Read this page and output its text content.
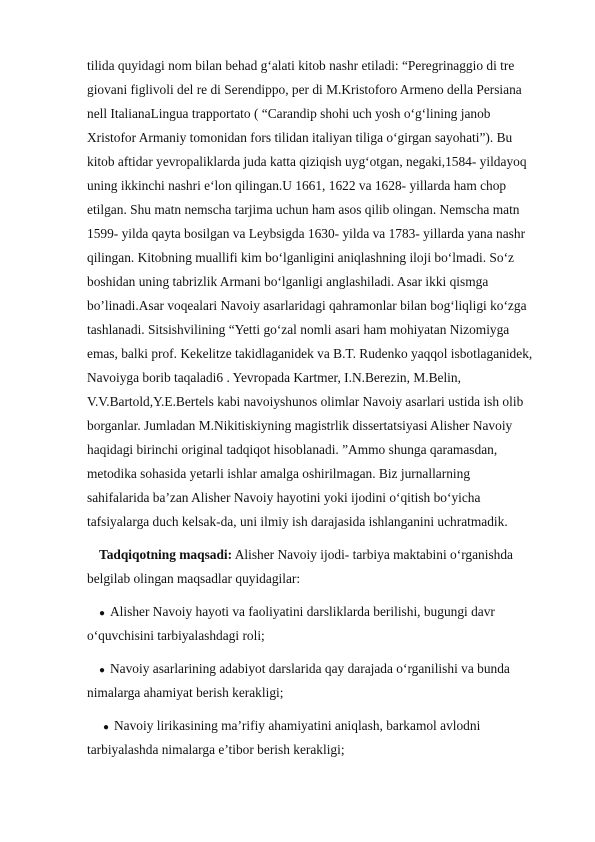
tilida quyidagi nom bilan behad g‘alati kitob nashr etiladi: “Peregrinaggio di tre
giovani figlivoli del re di Serendippo, per di M.Kristoforo Armeno della Persiana
nell ItalianaLingua trapportato ( “Carandip shohi uch yosh o‘g‘lining janob
Xristofor Armaniy tomonidan fors tilidan italiyan tiliga o‘girgan sayohati”). Bu
kitob aftidar yevropaliklarda juda katta qiziqish uyg‘otgan, negaki,1584- yildayoq
uning ikkinchi nashri e‘lon qilingan.U 1661, 1622 va 1628- yillarda ham chop
etilgan. Shu matn nemscha tarjima uchun ham asos qilib olingan. Nemscha matn
1599- yilda qayta bosilgan va Leybsigda 1630- yilda va 1783- yillarda yana nashr
qilingan. Kitobning muallifi kim bo‘lganligini aniqlashning iloji bo‘lmadi. So‘z
boshidan uning tabrizlik Armani bo‘lganligi anglashiladi. Asar ikki qismga
bo’linadi.Asar voqealari Navoiy asarlaridagi qahramonlar bilan bog‘liqligi ko‘zga
tashlanadi. Sitsishvilining “Yetti go‘zal nomli asari ham mohiyatan Nizomiyga
emas, balki prof. Kekelitze takidlaganidek va B.T. Rudenko yaqqol isbotlaganidek,
Navoiyga borib taqaladi6 . Yevropada Kartmer, I.N.Berezin, M.Belin,
V.V.Bartold,Y.E.Bertels kabi navoiyshunos olimlar Navoiy asarlari ustida ish olib
borganlar. Jumladan M.Nikitiskiyning magistrlik dissertatsiyasi Alisher Navoiy
haqidagi birinchi original tadqiqot hisoblanadi. ”Ammo shunga qaramasdan,
metodika sohasida yetarli ishlar amalga oshirilmagan. Biz jurnallarning
sahifalarida ba’zan Alisher Navoiy hayotini yoki ijodini o‘qitish bo‘yicha
tafsiyalarga duch kelsak-da, uni ilmiy ish darajasida ishlanganini uchratmadik.
Tadqiqotning maqsadi: Alisher Navoiy ijodi- tarbiya maktabini o‘rganishda
belgilab olingan maqsadlar quyidagilar:
● Alisher Navoiy hayoti va faoliyatini darsliklarda berilishi, bugungi davr
o‘quvchisini tarbiyalashdagi roli;
● Navoiy asarlarining adabiyot darslarida qay darajada o‘rganilishi va bunda
nimalarga ahamiyat berish kerakligi;
● Navoiy lirikasining ma’rifiy ahamiyatini aniqlash, barkamol avlodni
tarbiyalashda nimalarga e’tibor berish kerakligi;
